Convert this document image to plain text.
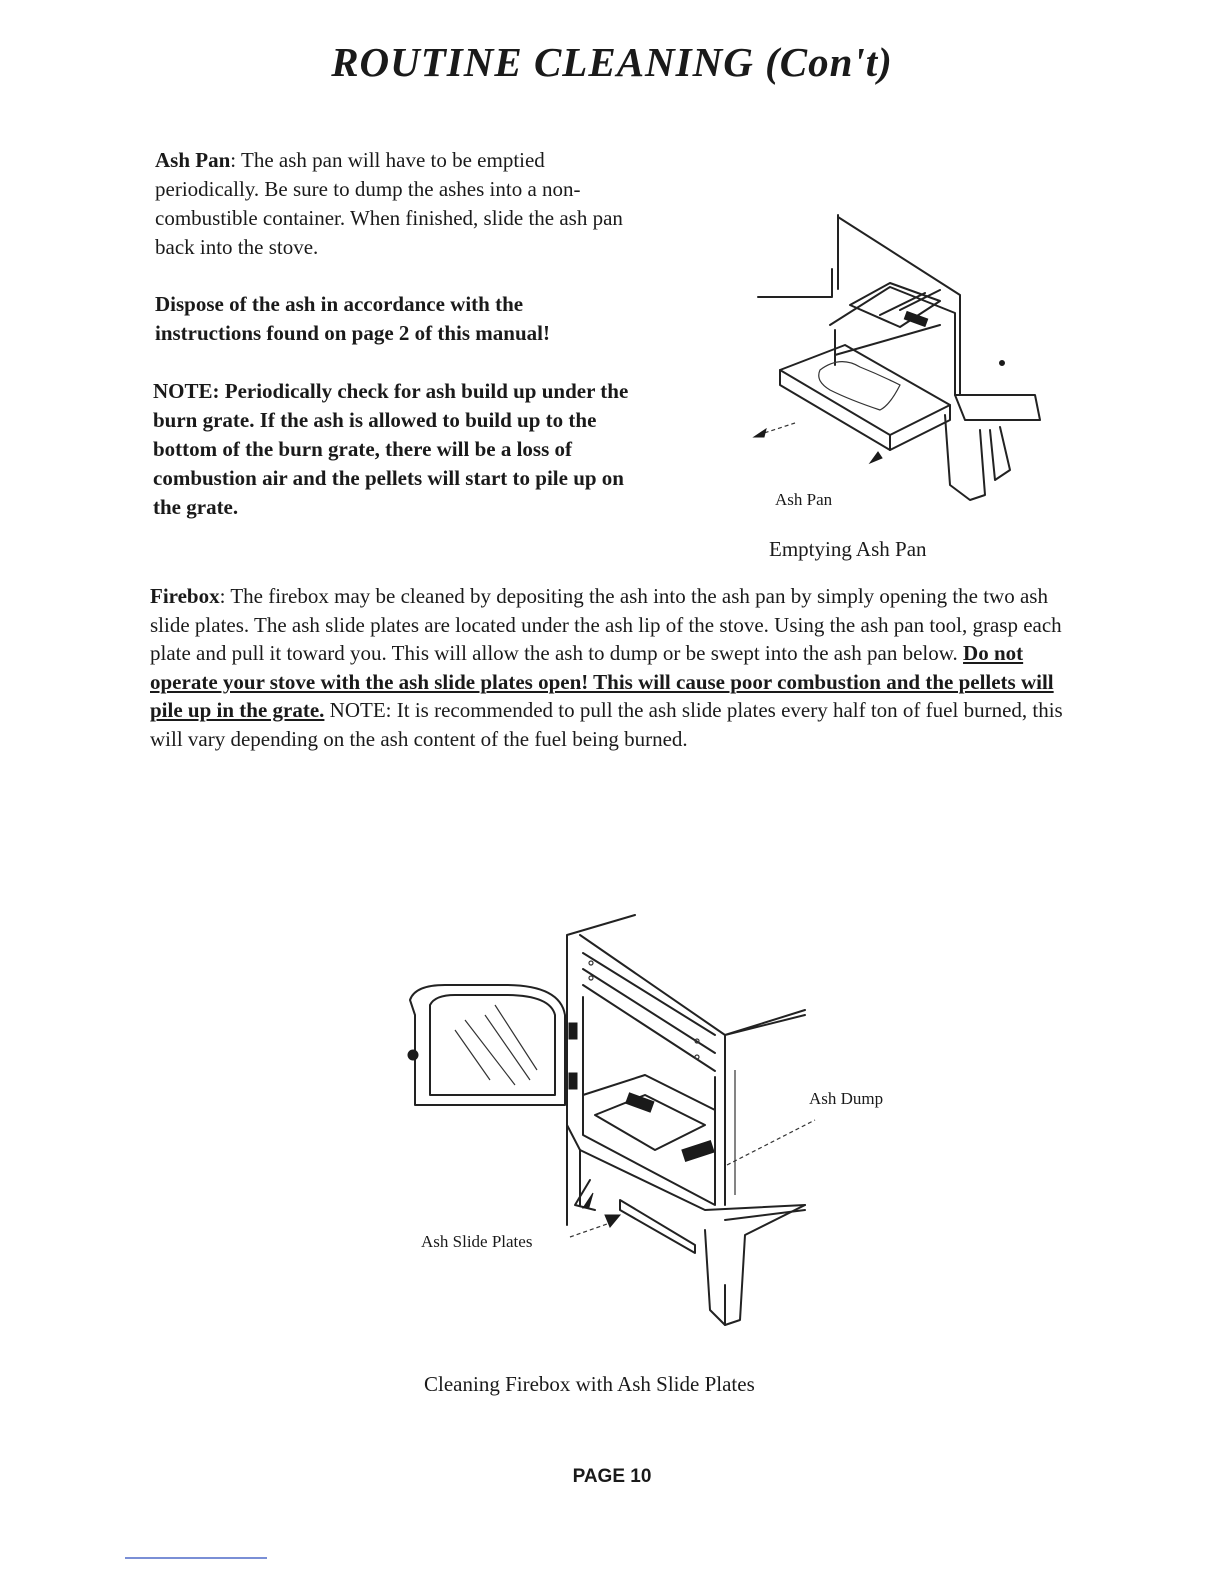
ROUTINE CLEANING (Con't)
Ash Pan: The ash pan will have to be emptied periodically. Be sure to dump the ashes into a non-combustible container. When finished, slide the ash pan back into the stove.
Dispose of the ash in accordance with the instructions found on page 2 of this manual!
NOTE: Periodically check for ash build up under the burn grate. If the ash is allowed to build up to the bottom of the burn grate, there will be a loss of combustion air and the pellets will start to pile up on the grate.	Ash Pan
Emptying Ash Pan
Firebox: The firebox may be cleaned by depositing the ash into the ash pan by simply opening the two ash slide plates. The ash slide plates are located under the ash lip of the stove. Using the ash pan tool, grasp each plate and pull it toward you. This will allow the ash to dump or be swept into the ash pan below. Do not operate your stove with the ash slide plates open! This will cause poor combustion and the pellets will pile up in the grate. NOTE: It is recommended to pull the ash slide plates every half ton of fuel burned, this will vary depending on the ash content of the fuel being burned.
Ash Dump
Ash Slide Plates
Cleaning Firebox with Ash Slide Plates
PAGE 10
